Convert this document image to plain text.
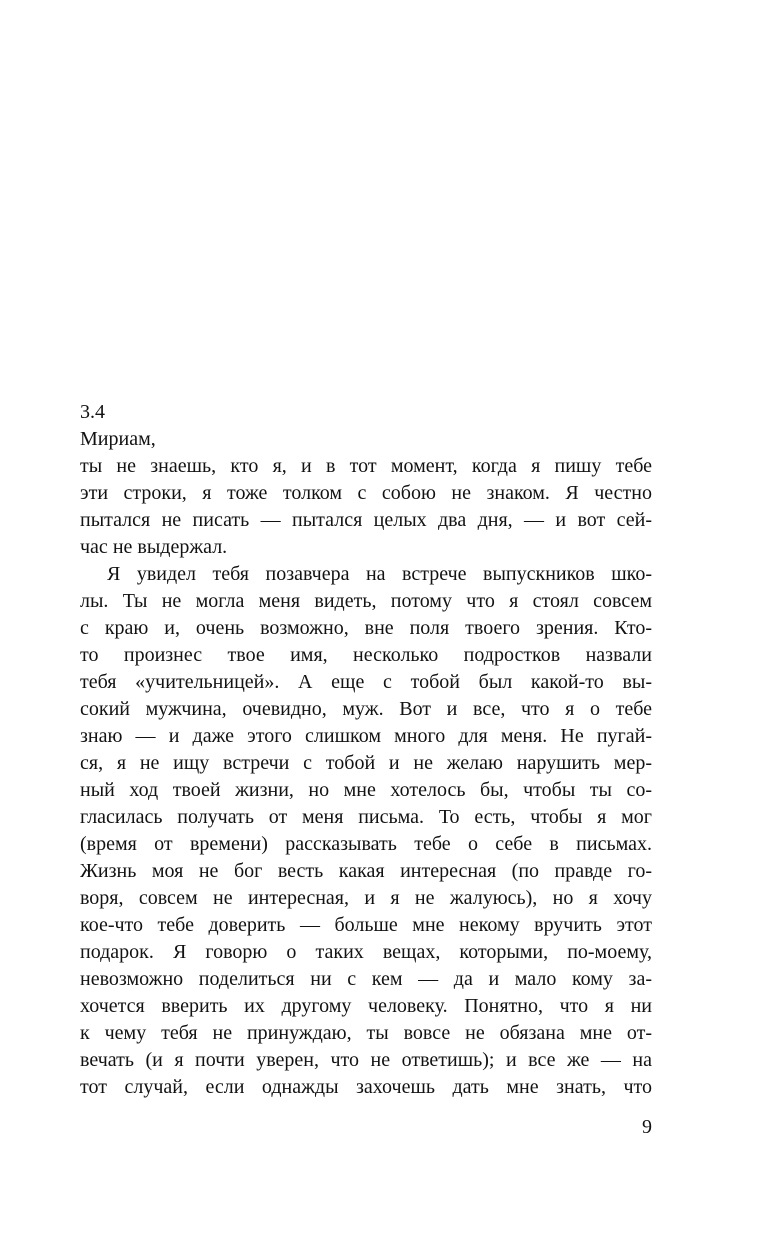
3.4
Мириам,
ты не знаешь, кто я, и в тот момент, когда я пишу тебе
эти строки, я тоже толком с собою не знаком. Я честно
пытался не писать — пытался целых два дня, — и вот сей-
час не выдержал.
Я увидел тебя позавчера на встрече выпускников шко-
лы. Ты не могла меня видеть, потому что я стоял совсем
с краю и, очень возможно, вне поля твоего зрения. Кто-
то произнес твое имя, несколько подростков назвали
тебя «учительницей». А еще с тобой был какой-то вы-
сокий мужчина, очевидно, муж. Вот и все, что я о тебе
знаю — и даже этого слишком много для меня. Не пугай-
ся, я не ищу встречи с тобой и не желаю нарушить мер-
ный ход твоей жизни, но мне хотелось бы, чтобы ты со-
гласилась получать от меня письма. То есть, чтобы я мог
(время от времени) рассказывать тебе о себе в письмах.
Жизнь моя не бог весть какая интересная (по правде го-
воря, совсем не интересная, и я не жалуюсь), но я хочу
кое-что тебе доверить — больше мне некому вручить этот
подарок. Я говорю о таких вещах, которыми, по-моему,
невозможно поделиться ни с кем — да и мало кому за-
хочется вверить их другому человеку. Понятно, что я ни
к чему тебя не принуждаю, ты вовсе не обязана мне от-
вечать (и я почти уверен, что не ответишь); и все же — на
тот случай, если однажды захочешь дать мне знать, что
9
